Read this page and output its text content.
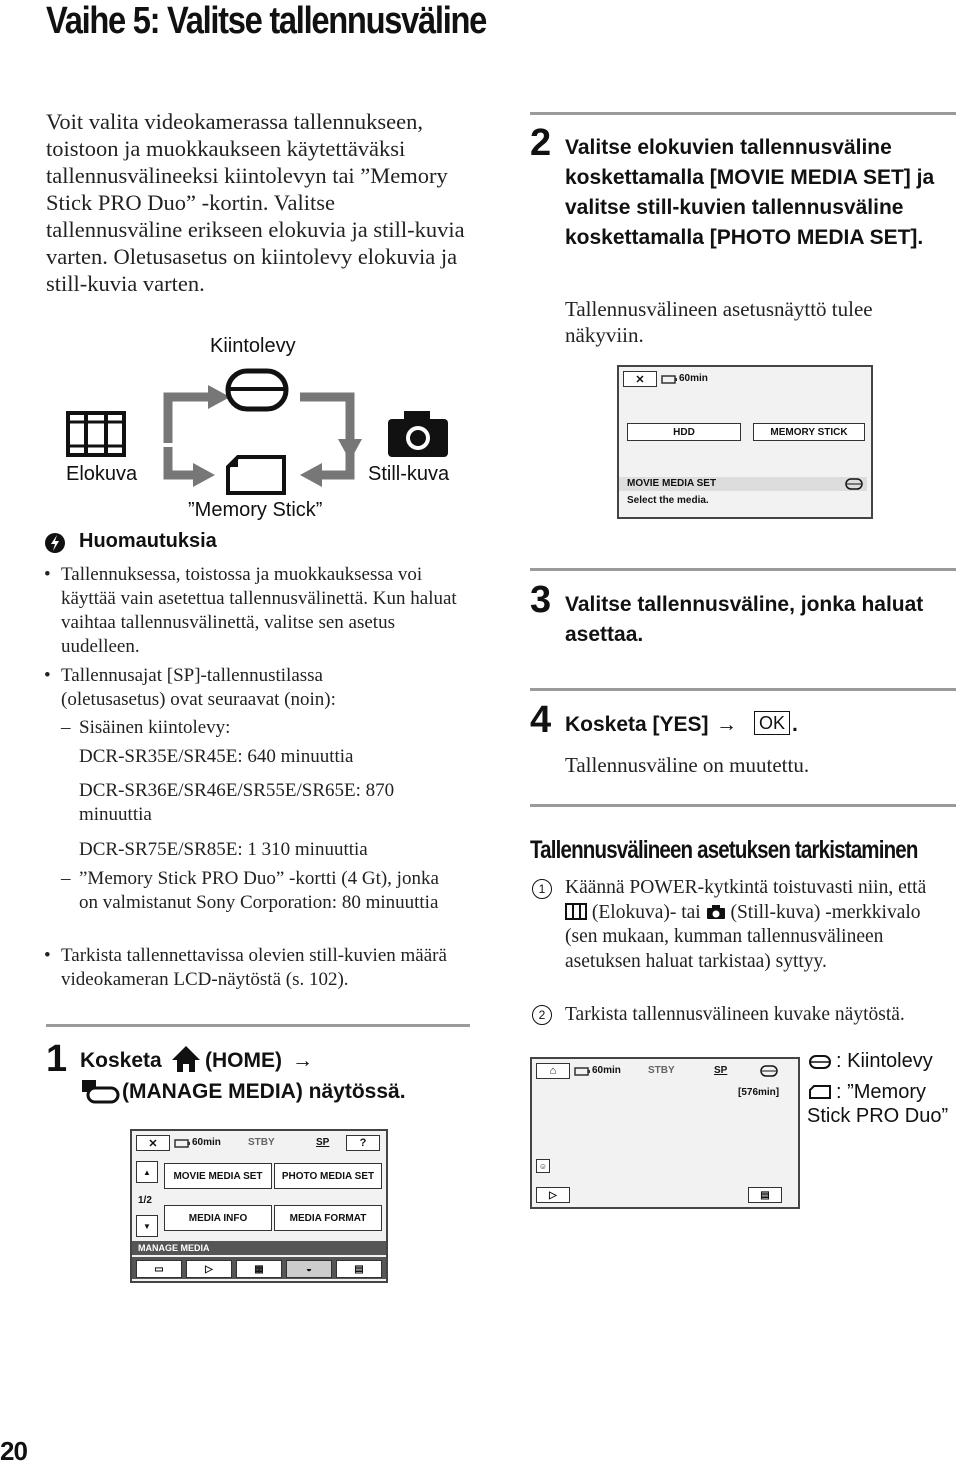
Vaihe 5: Valitse tallennusväline
Voit valita videokamerassa tallennukseen, toistoon ja muokkaukseen käytettäväksi tallennusvälineeksi kiintolevyn tai ”Memory Stick PRO Duo” -kortin. Valitse tallennusväline erikseen elokuvia ja still-kuvia varten. Oletusasetus on kiintolevy elokuvia ja still-kuvia varten.
Kiintolevy
Elokuva	Still-kuva
”Memory Stick”
Huomautuksia
• Tallennuksessa, toistossa ja muokkauksessa voi käyttää vain asetettua tallennusvälinettä. Kun haluat vaihtaa tallennusvälinettä, valitse sen asetus uudelleen.
• Tallennusajat [SP]-tallennustilassa (oletusasetus) ovat seuraavat (noin):
– Sisäinen kiintolevy:
DCR-SR35E/SR45E: 640 minuuttia
DCR-SR36E/SR46E/SR55E/SR65E: 870 minuuttia
DCR-SR75E/SR85E: 1 310 minuuttia
– ”Memory Stick PRO Duo” -kortti (4 Gt), jonka on valmistanut Sony Corporation: 80 minuuttia
• Tarkista tallennettavissa olevien still-kuvien määrä videokameran LCD-näytöstä (s. 102).
1 Kosketa (HOME) →
(MANAGE MEDIA) näytössä.
✕	60min	STBY	SP	?
▲
1/2
▼
MOVIE MEDIA SET	PHOTO MEDIA SET
MEDIA INFO	MEDIA FORMAT
MANAGE MEDIA
▭	▷	▦	◒	▤
2 Valitse elokuvien tallennusväline koskettamalla [MOVIE MEDIA SET] ja valitse still-kuvien tallennusväline koskettamalla [PHOTO MEDIA SET].
Tallennusvälineen asetusnäyttö tulee näkyviin.
✕	60min
HDD	MEMORY STICK
MOVIE MEDIA SET
Select the media.
3 Valitse tallennusväline, jonka haluat asettaa.
4 Kosketa [YES] → OK .
Tallennusväline on muutettu.
Tallennusvälineen asetuksen tarkistaminen
1	Käännä POWER-kytkintä toistuvasti niin, että  (Elokuva)- tai (Still-kuva) -merkkivalo (sen mukaan, kumman tallennusvälineen asetuksen haluat tarkistaa) syttyy.
2	Tarkista tallennusvälineen kuvake näytöstä.
⌂	60min	STBY	SP
[576min]
☺
▷	▤
: Kiintolevy
: ”Memory Stick PRO Duo”
20
